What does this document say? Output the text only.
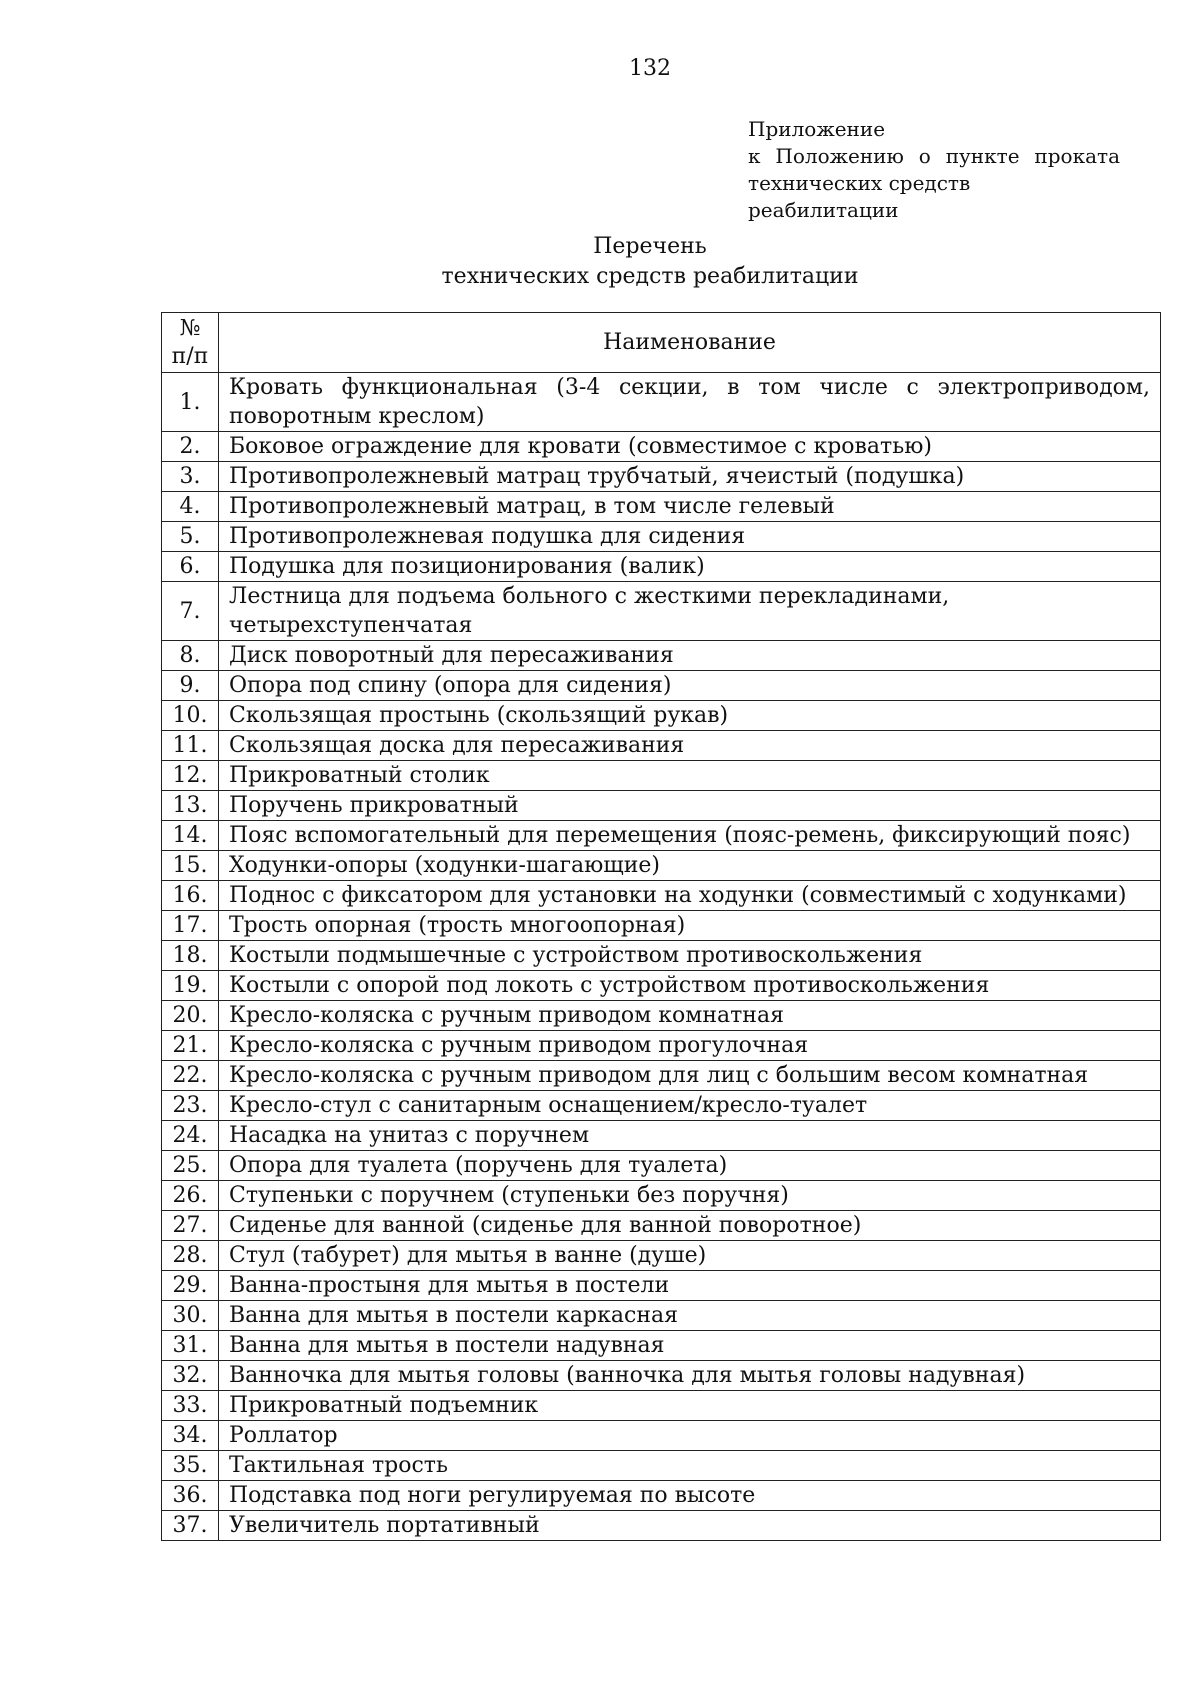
132
Приложение
к Положению о пункте проката
технических средств реабилитации
Перечень
технических средств реабилитации
№
п/п	Наименование
1.	Кровать функциональная (3-4 секции, в том числе с электроприводом, поворотным креслом)
2.	Боковое ограждение для кровати (совместимое с кроватью)
3.	Противопролежневый матрац трубчатый, ячеистый (подушка)
4.	Противопролежневый матрац, в том числе гелевый
5.	Противопролежневая подушка для сидения
6.	Подушка для позиционирования (валик)
7.	Лестница для подъема больного с жесткими перекладинами, четырехступенчатая
8.	Диск поворотный для пересаживания
9.	Опора под спину (опора для сидения)
10.	Скользящая простынь (скользящий рукав)
11.	Скользящая доска для пересаживания
12.	Прикроватный столик
13.	Поручень прикроватный
14.	Пояс вспомогательный для перемещения (пояс-ремень, фиксирующий пояс)
15.	Ходунки-опоры (ходунки-шагающие)
16.	Поднос с фиксатором для установки на ходунки (совместимый с ходунками)
17.	Трость опорная (трость многоопорная)
18.	Костыли подмышечные с устройством противоскольжения
19.	Костыли с опорой под локоть с устройством противоскольжения
20.	Кресло-коляска с ручным приводом комнатная
21.	Кресло-коляска с ручным приводом прогулочная
22.	Кресло-коляска с ручным приводом для лиц с большим весом комнатная
23.	Кресло-стул с санитарным оснащением/кресло-туалет
24.	Насадка на унитаз с поручнем
25.	Опора для туалета (поручень для туалета)
26.	Ступеньки с поручнем (ступеньки без поручня)
27.	Сиденье для ванной (сиденье для ванной поворотное)
28.	Стул (табурет) для мытья в ванне (душе)
29.	Ванна-простыня для мытья в постели
30.	Ванна для мытья в постели каркасная
31.	Ванна для мытья в постели надувная
32.	Ванночка для мытья головы (ванночка для мытья головы надувная)
33.	Прикроватный подъемник
34.	Роллатор
35.	Тактильная трость
36.	Подставка под ноги регулируемая по высоте
37.	Увеличитель портативный
